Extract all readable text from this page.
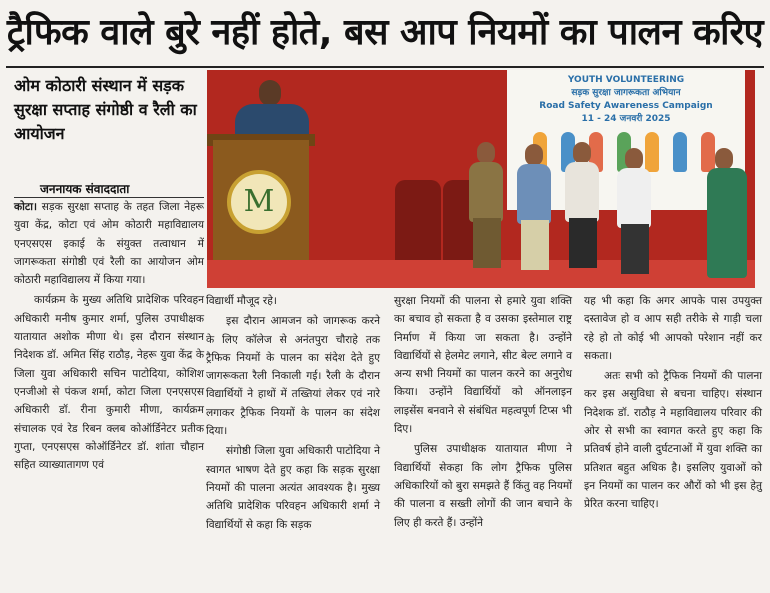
ट्रैफिक वाले बुरे नहीं होते, बस आप नियमों का पालन करिए
ओम कोठारी संस्थान में सड़क सुरक्षा सप्ताह संगोष्ठी व रैली का आयोजन
जननायक संवाददाता
YOUTH VOLUNTEERING
सड़क सुरक्षा जागरूकता अभियान
Road Safety Awareness Campaign
11 - 24 जनवरी 2025
M

कोटा। सड़क सुरक्षा सप्ताह के तहत जिला नेहरू युवा केंद्र, कोटा एवं ओम कोठारी महाविद्यालय एनएसएस इकाई के संयुक्त तत्वाधान में जागरूकता संगोष्ठी एवं रैली का आयोजन ओम कोठारी महाविद्यालय में किया गया।

कार्यक्रम के मुख्य अतिथि प्रादेशिक परिवहन अधिकारी मनीष कुमार शर्मा, पुलिस उपाधीक्षक यातायात अशोक मीणा थे। इस दौरान संस्थान निदेशक डॉ. अमित सिंह राठौड़, नेहरू युवा केंद्र के जिला युवा अधिकारी सचिन पाटोदिया, कोशिश एनजीओ से पंकज शर्मा, कोटा जिला एनएसएस अधिकारी डॉ. रीना कुमारी मीणा, कार्यक्रम संचालक एवं रेड रिबन क्लब कोऑर्डिनेटर प्रतीक गुप्ता, एनएसएस कोऑर्डिनेटर डॉ. शांता चौहान सहित व्याख्यातागण एवं

विद्यार्थी मौजूद रहे।

इस दौरान आमजन को जागरूक करने के लिए कॉलेज से अनंतपुरा चौराहे तक ट्रैफिक नियमों के पालन का संदेश देते हुए जागरूकता रैली निकाली गई। रैली के दौरान विद्यार्थियों ने हाथों में तख्तियां लेकर एवं नारे लगाकर ट्रैफिक नियमों के पालन का संदेश दिया।

संगोष्ठी जिला युवा अधिकारी पाटोदिया ने स्वागत भाषण देते हुए कहा कि सड़क सुरक्षा नियमों की पालना अत्यंत आवश्यक है। मुख्य अतिथि प्रादेशिक परिवहन अधिकारी शर्मा ने विद्यार्थियों से कहा कि सड़क

सुरक्षा नियमों की पालना से हमारे युवा शक्ति का बचाव हो सकता है व उसका इस्तेमाल राष्ट्र निर्माण में किया जा सकता है। उन्होंने विद्यार्थियों से हेलमेट लगाने, सीट बेल्ट लगाने व अन्य सभी नियमों का पालन करने का अनुरोध किया। उन्होंने विद्यार्थियों को ऑनलाइन लाइसेंस बनवाने से संबंधित महत्वपूर्ण टिप्स भी दिए।

पुलिस उपाधीक्षक यातायात मीणा ने विद्यार्थियों सेकहा कि लोग ट्रैफिक पुलिस अधिकारियों को बुरा समझते हैं किंतु वह नियमों की पालना व सख्ती लोगों की जान बचाने के लिए ही करते हैं। उन्होंने

यह भी कहा कि अगर आपके पास उपयुक्त दस्तावेज हो व आप सही तरीके से गाड़ी चला रहे हो तो कोई भी आपको परेशान नहीं कर सकता।

अतः सभी को ट्रैफिक नियमों की पालना कर इस असुविधा से बचना चाहिए। संस्थान निदेशक डॉ. राठौड़ ने महाविद्यालय परिवार की ओर से सभी का स्वागत करते हुए कहा कि प्रतिवर्ष होने वाली दुर्घटनाओं में युवा शक्ति का प्रतिशत बहुत अधिक है। इसलिए युवाओं को इन नियमों का पालन कर औरों को भी इस हेतु प्रेरित करना चाहिए।
